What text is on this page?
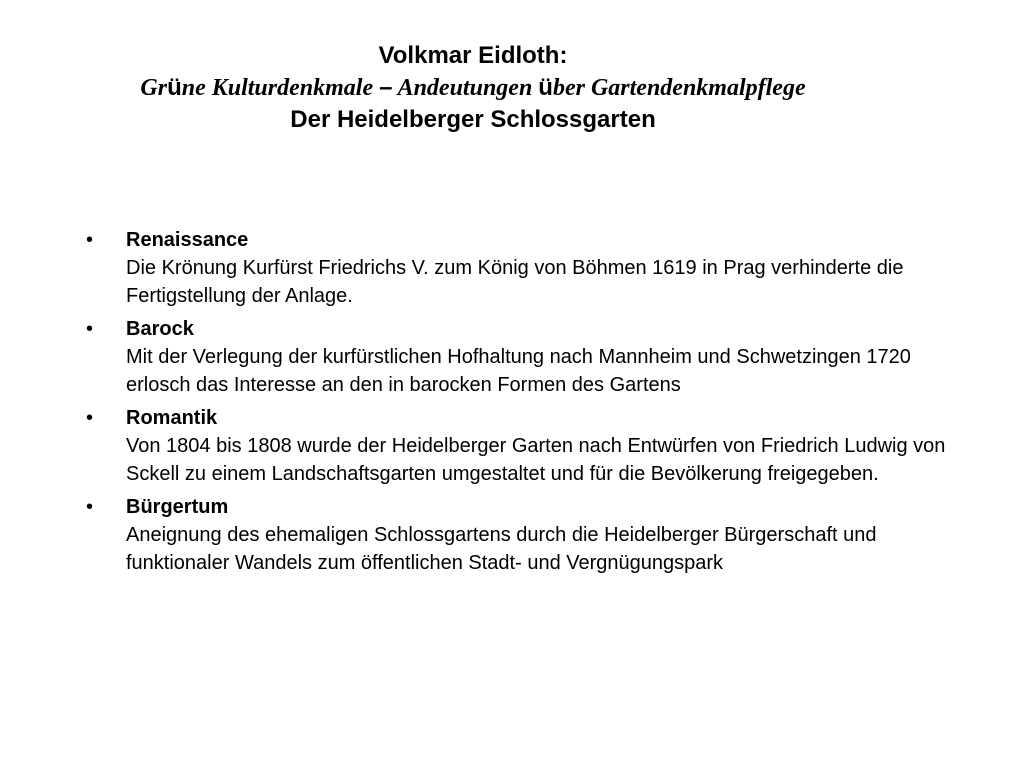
Volkmar Eidloth:
Grüne Kulturdenkmale – Andeutungen über Gartendenkmalpflege
Der Heidelberger Schlossgarten
• Renaissance
Die Krönung Kurfürst Friedrichs V. zum König von Böhmen 1619 in Prag verhinderte die Fertigstellung der Anlage.
• Barock
Mit der Verlegung der kurfürstlichen Hofhaltung nach Mannheim und Schwetzingen 1720 erlosch das Interesse an den in barocken Formen des Gartens
• Romantik
Von 1804 bis 1808 wurde der Heidelberger Garten nach Entwürfen von Friedrich Ludwig von Sckell zu einem Landschaftsgarten umgestaltet und für die Bevölkerung freigegeben.
• Bürgertum
Aneignung des ehemaligen Schlossgartens durch die Heidelberger Bürgerschaft und funktionaler Wandels zum öffentlichen Stadt- und Vergnügungspark
